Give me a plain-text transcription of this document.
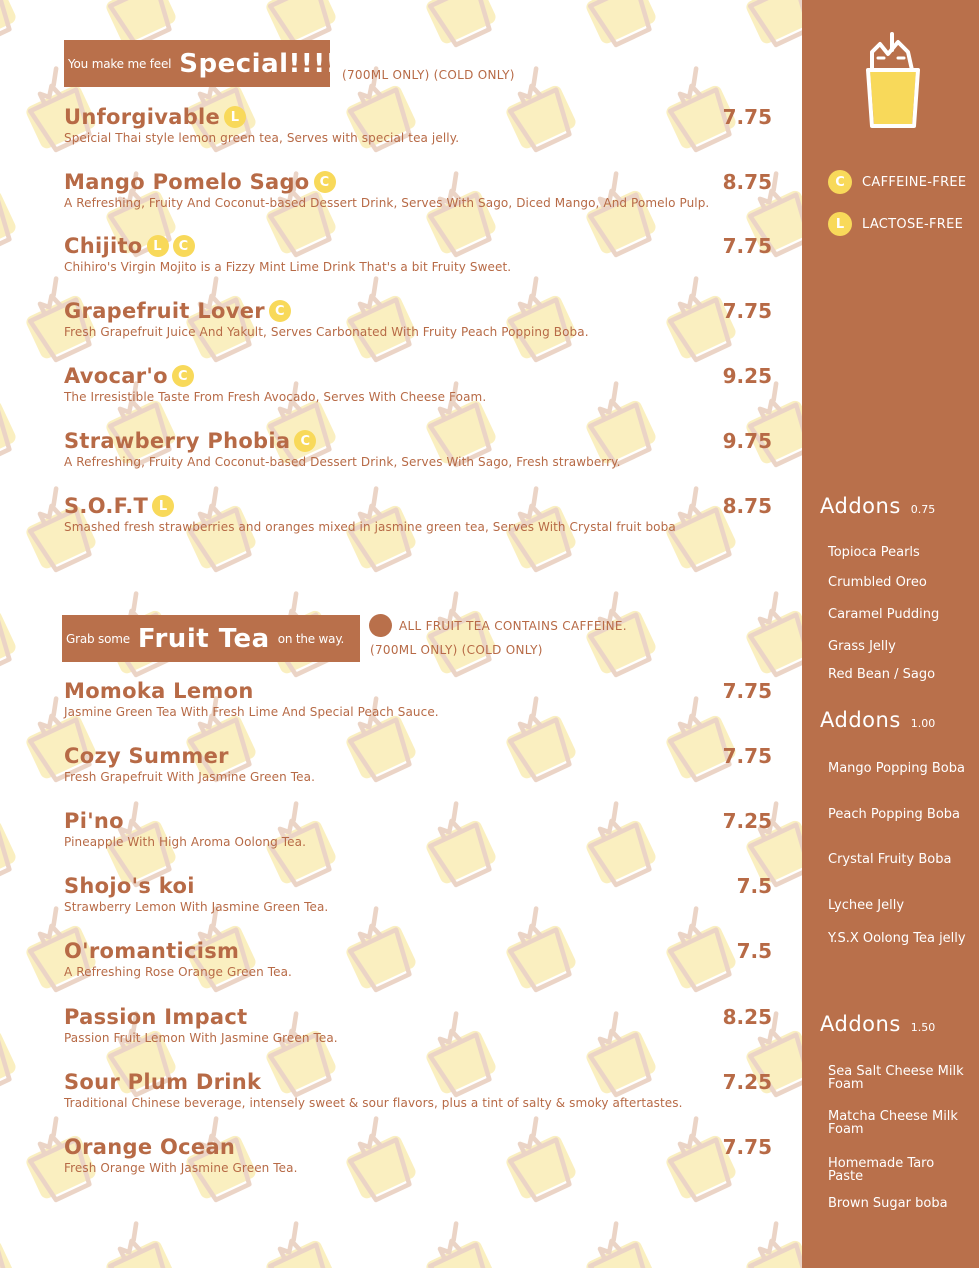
You make me feel Special!!!! (700ML ONLY) (COLD ONLY)
Unforgivable L	7.75
Speicial Thai style lemon green tea, Serves with special tea jelly.
Mango Pomelo Sago C	8.75
A Refreshing, Fruity And Coconut-based Dessert Drink, Serves With Sago, Diced Mango, And Pomelo Pulp.
Chijito L	C	7.75
Chihiro's Virgin Mojito is a Fizzy Mint Lime Drink That's a bit Fruity Sweet.
Grapefruit Lover C	7.75
Fresh Grapefruit Juice And Yakult, Serves Carbonated With Fruity Peach Popping Boba.
Avocar'o C	9.25
The Irresistible Taste From Fresh Avocado, Serves With Cheese Foam.
Strawberry Phobia C	9.75
A Refreshing, Fruity And Coconut-based Dessert Drink, Serves With Sago, Fresh strawberry.
S.O.F.T L	8.75
Smashed fresh strawberries and oranges mixed in jasmine green tea, Serves With Crystal fruit boba
Grab some Fruit Tea on the way.
ALL FRUIT TEA CONTAINS CAFFEINE.
(700ML ONLY) (COLD ONLY)
Momoka Lemon	7.75
Jasmine Green Tea With Fresh Lime And Special Peach Sauce.
Cozy Summer	7.75
Fresh Grapefruit With Jasmine Green Tea.
Pi'no	7.25
Pineapple With High Aroma Oolong Tea.
Shojo's koi	7.5
Strawberry Lemon With Jasmine Green Tea.
O'romanticism	7.5
A Refreshing Rose Orange Green Tea.
Passion Impact	8.25
Passion Fruit Lemon With Jasmine Green Tea.
Sour Plum Drink	7.25
Traditional Chinese beverage, intensely sweet & sour flavors, plus a tint of salty & smoky aftertastes.
Orange Ocean	7.75
Fresh Orange With Jasmine Green Tea.
C	CAFFEINE-FREE
L	LACTOSE-FREE
Addons 0.75
Topioca Pearls
Crumbled Oreo
Caramel Pudding
Grass Jelly
Red Bean / Sago
Addons 1.00
Mango Popping Boba
Peach Popping Boba
Crystal Fruity Boba
Lychee Jelly
Y.S.X Oolong Tea jelly
Addons 1.50
Sea Salt Cheese Milk Foam
Matcha Cheese Milk Foam
Homemade Taro Paste
Brown Sugar boba
